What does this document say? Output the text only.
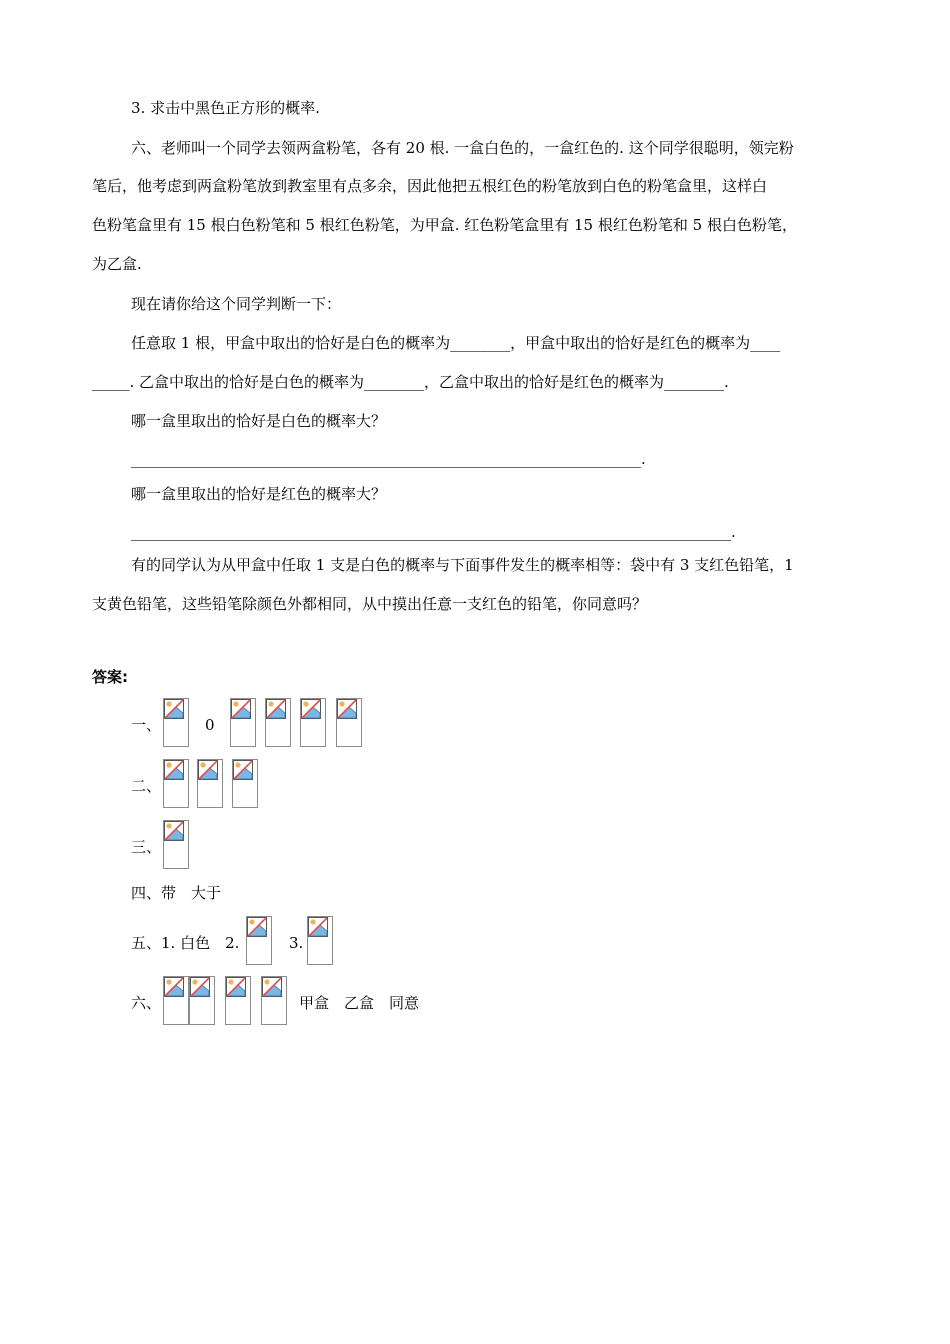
3. 求击中黑色正方形的概率.
六、老师叫一个同学去领两盒粉笔，各有 20 根. 一盒白色的，一盒红色的. 这个同学很聪明，领完粉
笔后，他考虑到两盒粉笔放到教室里有点多余，因此他把五根红色的粉笔放到白色的粉笔盒里，这样白
色粉笔盒里有 15 根白色粉笔和 5 根红色粉笔，为甲盒. 红色粉笔盒里有 15 根红色粉笔和 5 根白色粉笔，
为乙盒.
现在请你给这个同学判断一下：
任意取 1 根，甲盒中取出的恰好是白色的概率为________，甲盒中取出的恰好是红色的概率为____
_____. 乙盒中取出的恰好是白色的概率为________，乙盒中取出的恰好是红色的概率为________.
哪一盒里取出的恰好是白色的概率大？
____________________________________________________________________.
哪一盒里取出的恰好是红色的概率大？
________________________________________________________________________________.
有的同学认为从甲盒中任取 1 支是白色的概率与下面事件发生的概率相等：袋中有 3 支红色铅笔，1
支黄色铅笔，这些铅笔除颜色外都相同，从中摸出任意一支红色的铅笔，你同意吗？
答案:
一、	0
二、
三、
四、带　大于
五、1. 白色　2.	3.
六、	甲盒　乙盒　同意
